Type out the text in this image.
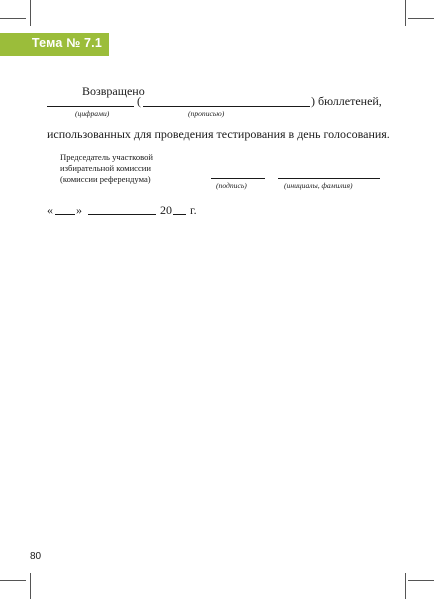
Тема № 7.1
Возвращено
(	) бюллетеней,
(цифрами)	(прописью)
использованных для проведения тестирования в день голосования.
Председатель участковой
избирательной комиссии
(комиссии референдума)
(подпись)	(инициалы, фамилия)
« »	20 г.
80
